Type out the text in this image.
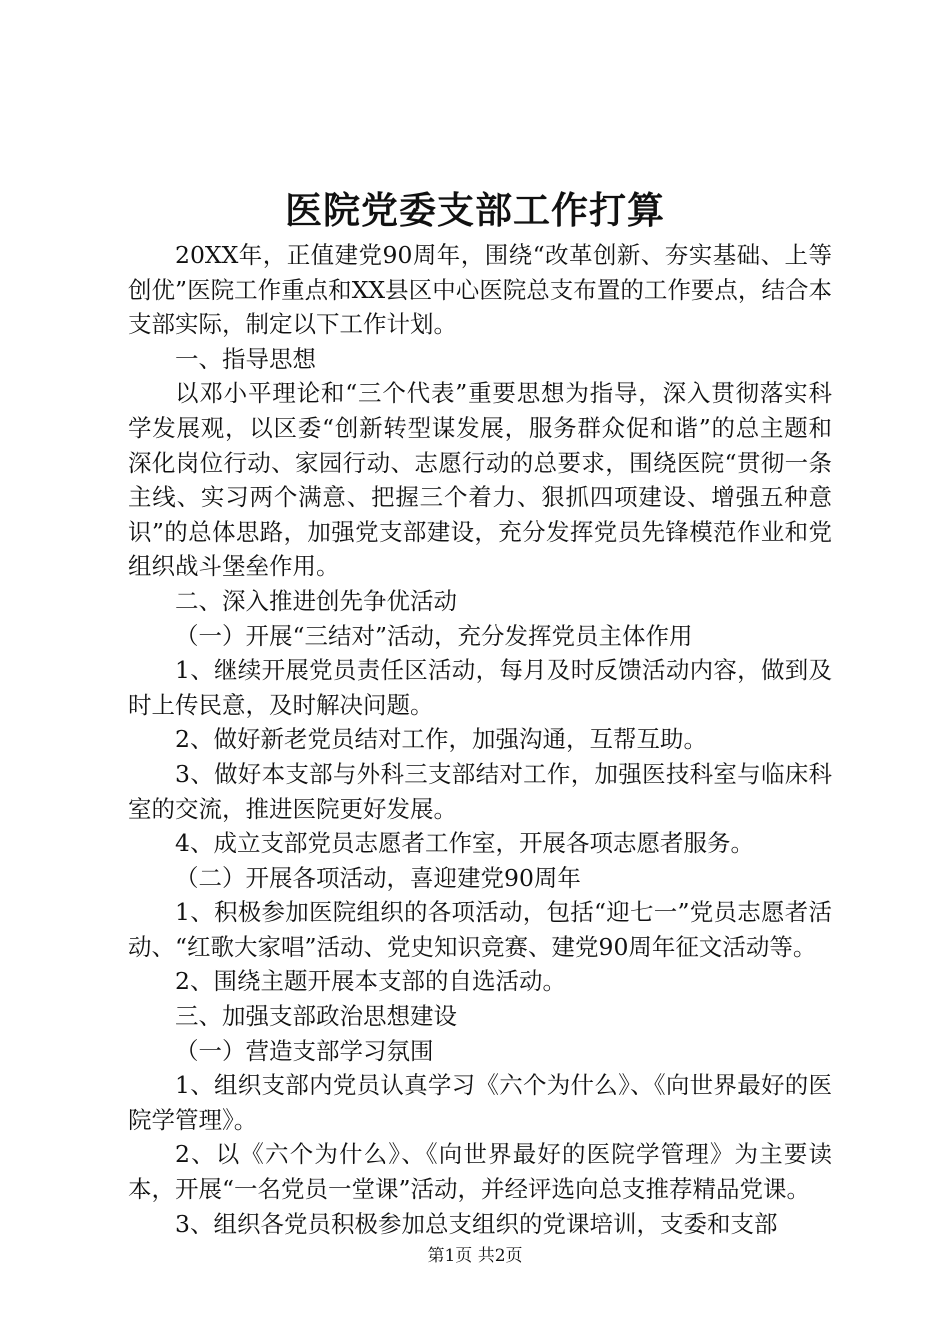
医院党委支部工作打算

20XX年，正值建党90周年，围绕“改革创新、夯实基础、上等创优”医院工作重点和XX县区中心医院总支布置的工作要点，结合本支部实际，制定以下工作计划。

一、指导思想

以邓小平理论和“三个代表”重要思想为指导，深入贯彻落实科学发展观，以区委“创新转型谋发展，服务群众促和谐”的总主题和深化岗位行动、家园行动、志愿行动的总要求，围绕医院“贯彻一条主线、实习两个满意、把握三个着力、狠抓四项建设、增强五种意识”的总体思路，加强党支部建设，充分发挥党员先锋模范作业和党组织战斗堡垒作用。

二、深入推进创先争优活动

（一）开展“三结对”活动，充分发挥党员主体作用

1、继续开展党员责任区活动，每月及时反馈活动内容，做到及时上传民意，及时解决问题。

2、做好新老党员结对工作，加强沟通，互帮互助。

3、做好本支部与外科三支部结对工作，加强医技科室与临床科室的交流，推进医院更好发展。

4、成立支部党员志愿者工作室，开展各项志愿者服务。

（二）开展各项活动，喜迎建党90周年

1、积极参加医院组织的各项活动，包括“迎七一”党员志愿者活动、“红歌大家唱”活动、党史知识竞赛、建党90周年征文活动等。

2、围绕主题开展本支部的自选活动。

三、加强支部政治思想建设

（一）营造支部学习氛围

1、组织支部内党员认真学习《六个为什么》、《向世界最好的医院学管理》。

2、以《六个为什么》、《向世界最好的医院学管理》为主要读本，开展“一名党员一堂课”活动，并经评选向总支推荐精品党课。

3、组织各党员积极参加总支组织的党课培训，支委和支部

第1页 共2页
